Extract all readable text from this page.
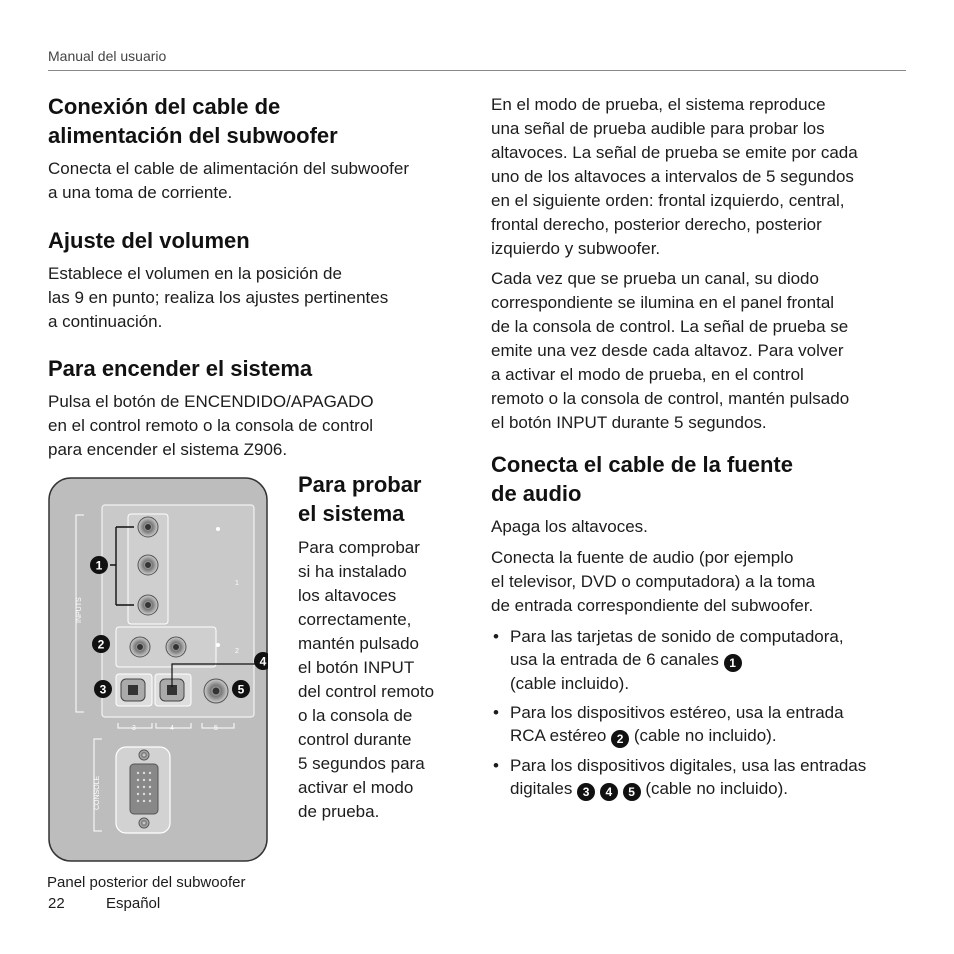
Manual del usuario
Conexión del cable de
alimentación del subwoofer

Conecta el cable de alimentación del subwoofer
a una toma de corriente.

Ajuste del volumen

Establece el volumen en la posición de
las 9 en punto; realiza los ajustes pertinentes
a continuación.

Para encender el sistema

Pulsa el botón de ENCENDIDO/APAGADO
en el control remoto o la consola de control
para encender el sistema Z906.

Para probar
el sistema

Para comprobar
si ha instalado
los altavoces
correctamente,
mantén pulsado
el botón INPUT
del control remoto
o la consola de
control durante
5 segundos para
activar el modo
de prueba.

INPUTS
3	4	5
1
2
CONSOLE
1
2
3
4
5
Panel posterior del subwoofer
22	Español

En el modo de prueba, el sistema reproduce
una señal de prueba audible para probar los
altavoces. La señal de prueba se emite por cada
uno de los altavoces a intervalos de 5 segundos
en el siguiente orden: frontal izquierdo, central,
frontal derecho, posterior derecho, posterior
izquierdo y subwoofer.

Cada vez que se prueba un canal, su diodo
correspondiente se ilumina en el panel frontal
de la consola de control. La señal de prueba se
emite una vez desde cada altavoz. Para volver
a activar el modo de prueba, en el control
remoto o la consola de control, mantén pulsado
el botón INPUT durante 5 segundos.

Conecta el cable de la fuente
de audio

Apaga los altavoces.

Conecta la fuente de audio (por ejemplo
el televisor, DVD o computadora) a la toma
de entrada correspondiente del subwoofer.

• Para las tarjetas de sonido de computadora,
usa la entrada de 6 canales 1
(cable incluido).
• Para los dispositivos estéreo, usa la entrada
RCA estéreo 2 (cable no incluido).
• Para los dispositivos digitales, usa las entradas
digitales 3 4 5 (cable no incluido).
